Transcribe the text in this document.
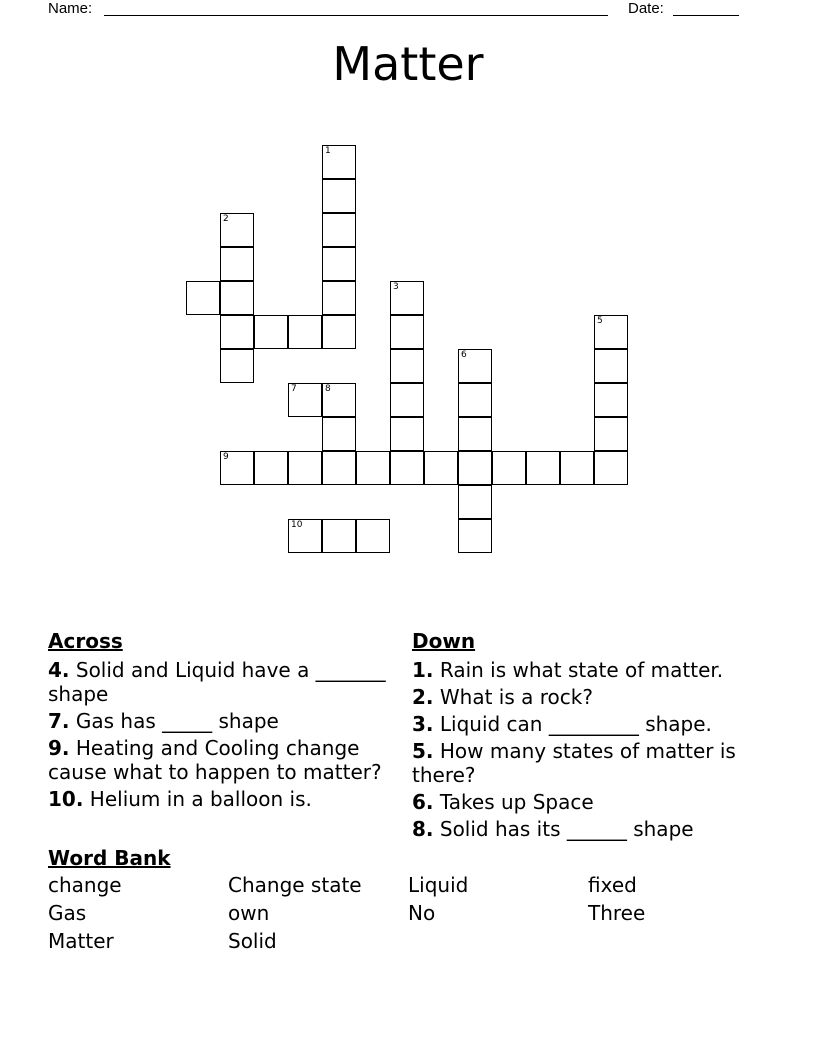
Name:	Date:
Matter
1
2
3
5
6
7	8
9
10
Across
4. Solid and Liquid have a _______ shape
7. Gas has _____ shape
9. Heating and Cooling change cause what to happen to matter?
10. Helium in a balloon is.
Down
1. Rain is what state of matter.
2. What is a rock?
3. Liquid can _________ shape.
5. How many states of matter is there?
6. Takes up Space
8. Solid has its ______ shape
Word Bank
change	Change state	Liquid	fixed
Gas	own	No	Three
Matter	Solid
